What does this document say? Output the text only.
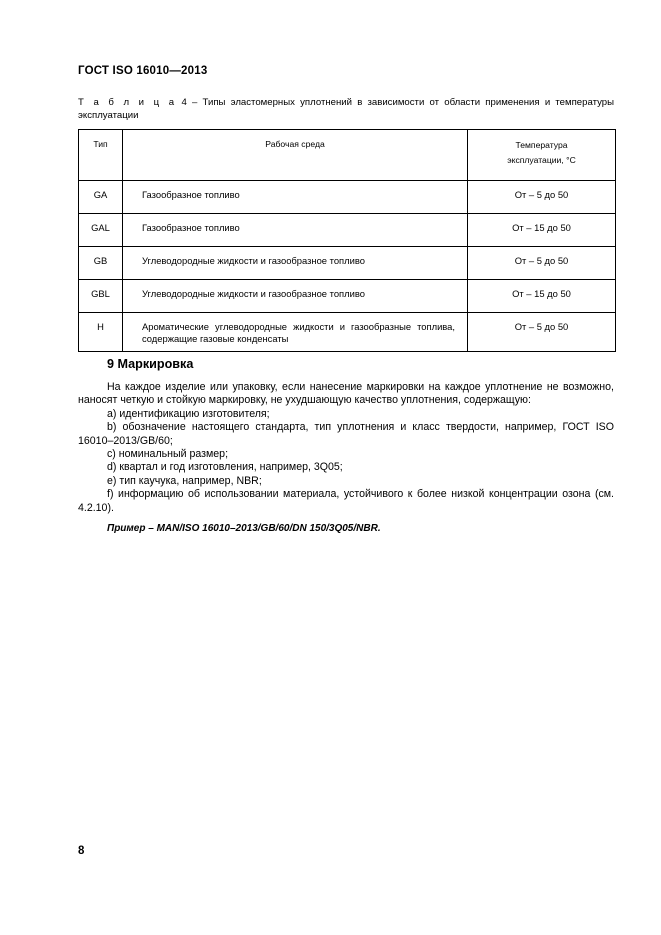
ГОСТ ISO 16010—2013
Т а б л и ц а 4 – Типы эластомерных уплотнений в зависимости от области применения и температуры эксплуатации
Тип	Рабочая среда	Температура
эксплуатации, °С
GA	Газообразное топливо	От – 5 до 50
GAL	Газообразное топливо	От – 15 до 50
GB	Углеводородные жидкости и газообразное топливо	От – 5 до 50
GBL	Углеводородные жидкости и газообразное топливо	От – 15 до 50
H	Ароматические углеводородные жидкости и газообразные топлива, содержащие газовые конденсаты	От – 5 до 50
9 Маркировка

На каждое изделие или упаковку, если нанесение маркировки на каждое уплотнение не возможно, наносят четкую и стойкую маркировку, не ухудшающую качество уплотнения, содержащую:

a) идентификацию изготовителя;

b) обозначение настоящего стандарта, тип уплотнения и класс твердости, например, ГОСТ ISO 16010–2013/GB/60;

c) номинальный размер;

d) квартал и год изготовления, например, 3Q05;

e) тип каучука, например, NBR;

f) информацию об использовании материала, устойчивого к более низкой концентрации озона (см. 4.2.10).

Пример – MAN/ISO 16010–2013/GB/60/DN 150/3Q05/NBR.
8
